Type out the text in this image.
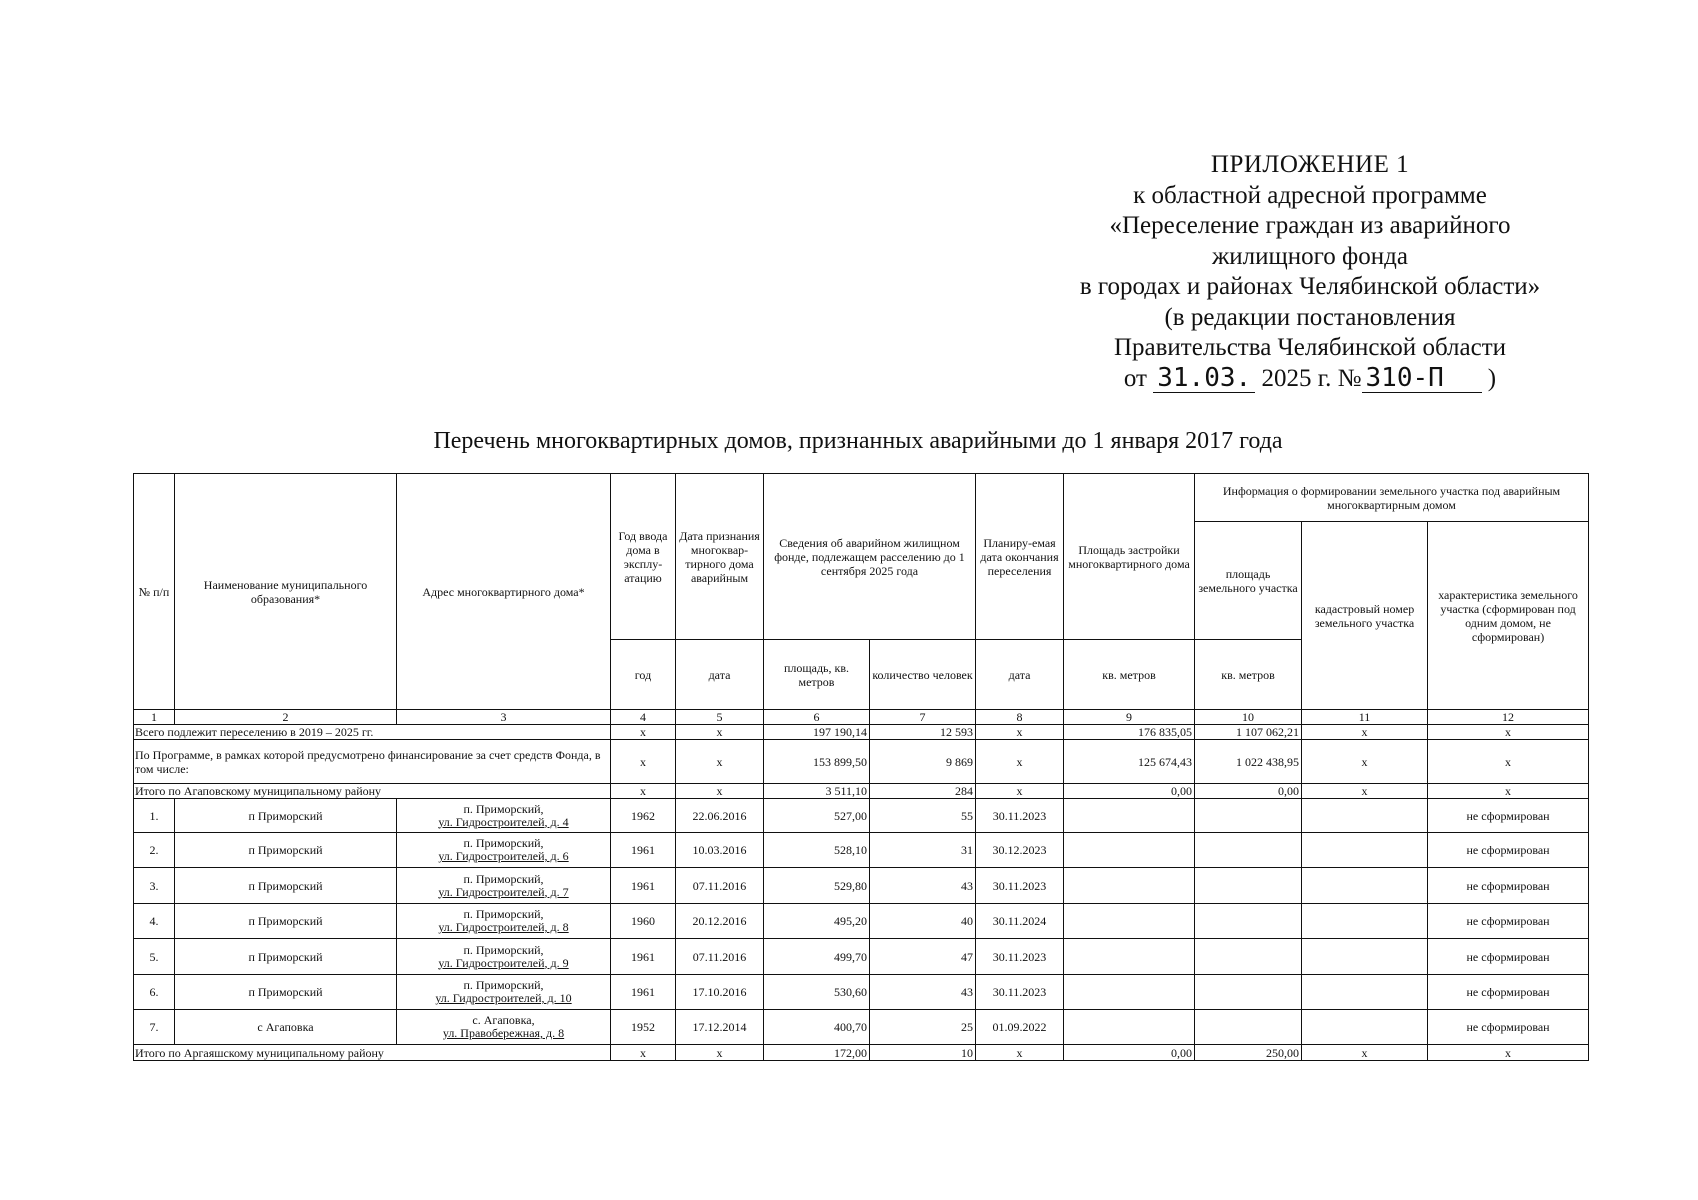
ПРИЛОЖЕНИЕ 1
к областной адресной программе
«Переселение граждан из аварийного
жилищного фонда
в городах и районах Челябинской области»
(в редакции постановления
Правительства Челябинской области
от 31.03. 2025 г. № 310-П )
Перечень многоквартирных домов, признанных аварийными до 1 января 2017 года
№ п/п	Наименование муниципального образования*	Адрес многоквартирного дома*	Год ввода дома в эксплу-атацию	Дата признания многоквар-тирного дома аварийным	Сведения об аварийном жилищном фонде, подлежащем расселению до 1 сентября 2025 года		Планиру-емая дата окончания переселения	Площадь застройки многоквартирного дома	Информация о формировании земельного участка под аварийным многоквартирным домом		
									площадь земельного участка	кадастровый номер земельного участка	характеристика земельного участка (сформирован под одним домом, не сформирован)
			год	дата	площадь, кв. метров	количество человек	дата	кв. метров	кв. метров		
1	2	3	4	5	6	7	8	9	10	11	12
Всего подлежит переселению в 2019 – 2025 гг.			x	x	197 190,14	12 593	x	176 835,05	1 107 062,21	x	x
По Программе, в рамках которой предусмотрено финансирование за счет средств Фонда, в том числе:			x	x	153 899,50	9 869	x	125 674,43	1 022 438,95	x	x
Итого по Агаповскому муниципальному району			x	x	3 511,10	284	x	0,00	0,00	x	x
1.	п Приморский	п. Приморский,
ул. Гидростроителей, д. 4	1962	22.06.2016	527,00	55	30.11.2023				не сформирован
2.	п Приморский	п. Приморский,
ул. Гидростроителей, д. 6	1961	10.03.2016	528,10	31	30.12.2023				не сформирован
3.	п Приморский	п. Приморский,
ул. Гидростроителей, д. 7	1961	07.11.2016	529,80	43	30.11.2023				не сформирован
4.	п Приморский	п. Приморский,
ул. Гидростроителей, д. 8	1960	20.12.2016	495,20	40	30.11.2024				не сформирован
5.	п Приморский	п. Приморский,
ул. Гидростроителей, д. 9	1961	07.11.2016	499,70	47	30.11.2023				не сформирован
6.	п Приморский	п. Приморский,
ул. Гидростроителей, д. 10	1961	17.10.2016	530,60	43	30.11.2023				не сформирован
7.	с Агаповка	с. Агаповка,
ул. Правобережная, д. 8	1952	17.12.2014	400,70	25	01.09.2022				не сформирован
Итого по Аргаяшскому муниципальному району			x	x	172,00	10	x	0,00	250,00	x	x
